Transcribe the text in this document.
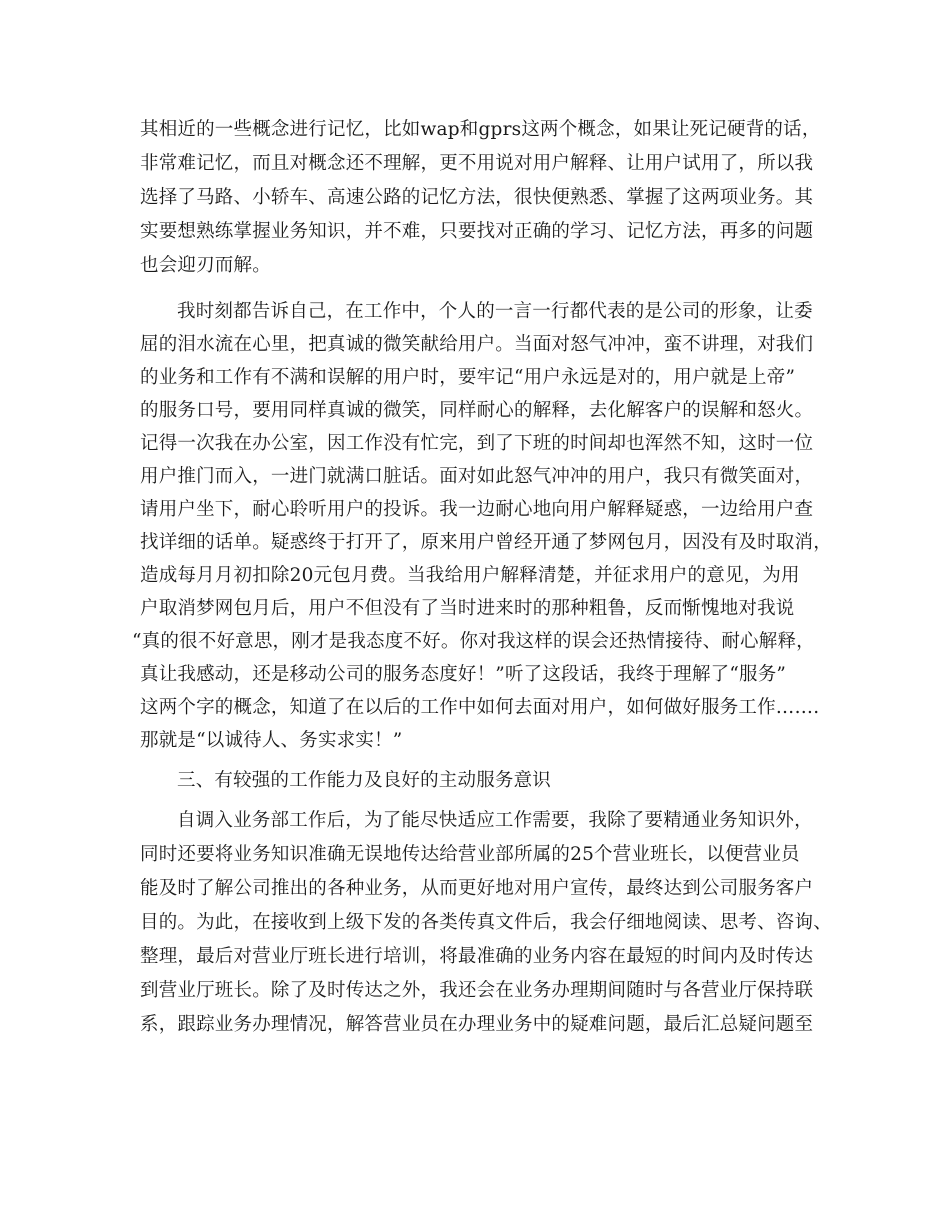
其相近的一些概念进行记忆，比如wap和gprs这两个概念，如果让死记硬背的话，
非常难记忆，而且对概念还不理解，更不用说对用户解释、让用户试用了，所以我
选择了马路、小轿车、高速公路的记忆方法，很快便熟悉、掌握了这两项业务。其
实要想熟练掌握业务知识，并不难，只要找对正确的学习、记忆方法，再多的问题
也会迎刃而解。
我时刻都告诉自己，在工作中，个人的一言一行都代表的是公司的形象，让委
屈的泪水流在心里，把真诚的微笑献给用户。当面对怒气冲冲，蛮不讲理，对我们
的业务和工作有不满和误解的用户时，要牢记“用户永远是对的，用户就是上帝”
的服务口号，要用同样真诚的微笑，同样耐心的解释，去化解客户的误解和怒火。
记得一次我在办公室，因工作没有忙完，到了下班的时间却也浑然不知，这时一位
用户推门而入，一进门就满口脏话。面对如此怒气冲冲的用户，我只有微笑面对，
请用户坐下，耐心聆听用户的投诉。我一边耐心地向用户解释疑惑，一边给用户查
找详细的话单。疑惑终于打开了，原来用户曾经开通了梦网包月，因没有及时取消，
造成每月月初扣除20元包月费。当我给用户解释清楚，并征求用户的意见，为用
户取消梦网包月后，用户不但没有了当时进来时的那种粗鲁，反而惭愧地对我说
“真的很不好意思，刚才是我态度不好。你对我这样的误会还热情接待、耐心解释，
真让我感动，还是移动公司的服务态度好！”听了这段话，我终于理解了“服务”
这两个字的概念，知道了在以后的工作中如何去面对用户，如何做好服务工作…….
那就是“以诚待人、务实求实！”
三、有较强的工作能力及良好的主动服务意识
自调入业务部工作后，为了能尽快适应工作需要，我除了要精通业务知识外，
同时还要将业务知识准确无误地传达给营业部所属的25个营业班长，以便营业员
能及时了解公司推出的各种业务，从而更好地对用户宣传，最终达到公司服务客户
目的。为此，在接收到上级下发的各类传真文件后，我会仔细地阅读、思考、咨询、
整理，最后对营业厅班长进行培训，将最准确的业务内容在最短的时间内及时传达
到营业厅班长。除了及时传达之外，我还会在业务办理期间随时与各营业厅保持联
系，跟踪业务办理情况，解答营业员在办理业务中的疑难问题，最后汇总疑问题至
